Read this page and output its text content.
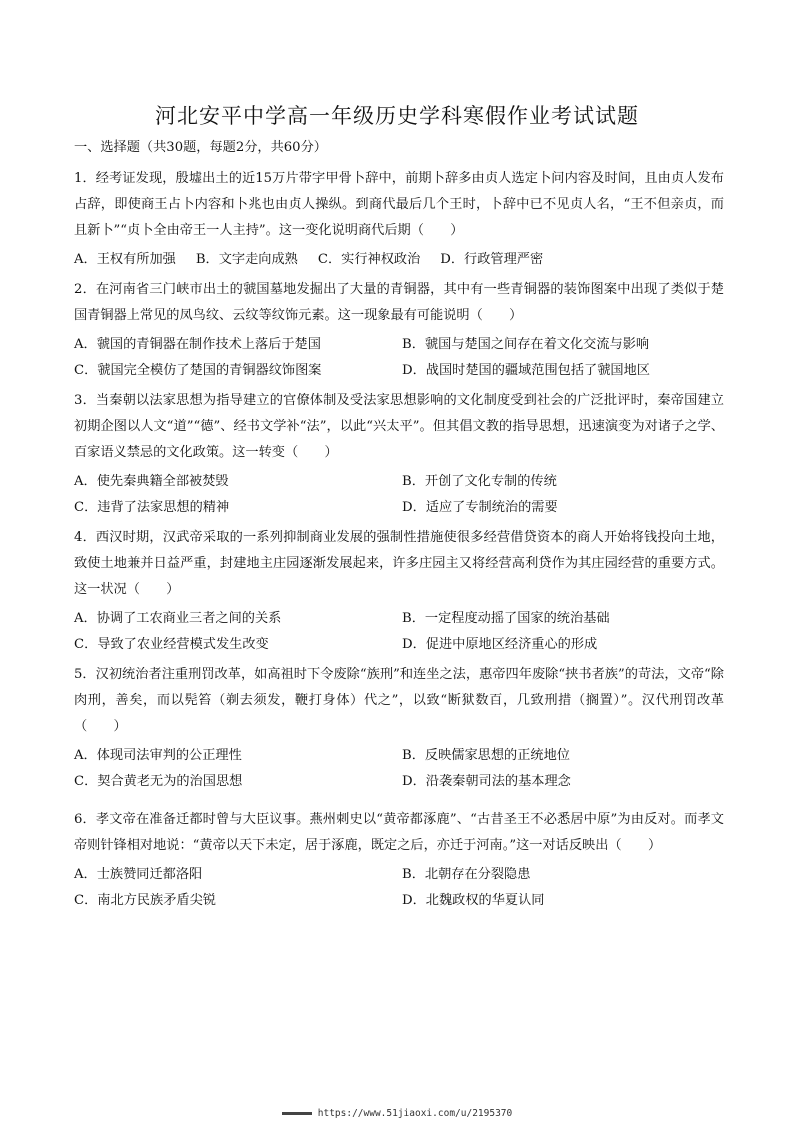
河北安平中学高一年级历史学科寒假作业考试试题
一、选择题（共30题，每题2分，共60分）

1．经考证发现，殷墟出土的近15万片带字甲骨卜辞中，前期卜辞多由贞人选定卜问内容及时间，且由贞人发布占辞，即使商王占卜内容和卜兆也由贞人操纵。到商代最后几个王时，卜辞中已不见贞人名，“王不但亲贞，而且新卜”“贞卜全由帝王一人主持”。这一变化说明商代后期（　　）

A．王权有所加强 B．文字走向成熟 C．实行神权政治 D．行政管理严密

2．在河南省三门峡市出土的虢国墓地发掘出了大量的青铜器，其中有一些青铜器的装饰图案中出现了类似于楚国青铜器上常见的凤鸟纹、云纹等纹饰元素。这一现象最有可能说明（　　）

A．虢国的青铜器在制作技术上落后于楚国	B．虢国与楚国之间存在着文化交流与影响
C．虢国完全模仿了楚国的青铜器纹饰图案	D．战国时楚国的疆域范围包括了虢国地区

3．当秦朝以法家思想为指导建立的官僚体制及受法家思想影响的文化制度受到社会的广泛批评时，秦帝国建立初期企图以人文“道”“德”、经书文学补“法”，以此“兴太平”。但其倡文教的指导思想，迅速演变为对诸子之学、百家语义禁忌的文化政策。这一转变（　　）

A．使先秦典籍全部被焚毁	B．开创了文化专制的传统
C．违背了法家思想的精神	D．适应了专制统治的需要

4．西汉时期，汉武帝采取的一系列抑制商业发展的强制性措施使很多经营借贷资本的商人开始将钱投向土地，致使土地兼并日益严重，封建地主庄园逐渐发展起来，许多庄园主又将经营高利贷作为其庄园经营的重要方式。这一状况（　　）

A．协调了工农商业三者之间的关系	B．一定程度动摇了国家的统治基础
C．导致了农业经营模式发生改变	D．促进中原地区经济重心的形成

5．汉初统治者注重刑罚改革，如高祖时下令废除“族刑”和连坐之法，惠帝四年废除“挟书者族”的苛法，文帝“除肉刑，善矣，而以髡笞（剃去须发，鞭打身体）代之”，以致“断狱数百，几致刑措（搁置）”。汉代刑罚改革（　　）

A．体现司法审判的公正理性	B．反映儒家思想的正统地位
C．契合黄老无为的治国思想	D．沿袭秦朝司法的基本理念

6．孝文帝在准备迁都时曾与大臣议事。燕州刺史以“黄帝都涿鹿”、“古昔圣王不必悉居中原”为由反对。而孝文帝则针锋相对地说：“黄帝以天下未定，居于涿鹿，既定之后，亦迁于河南。”这一对话反映出（　　）

A．士族赞同迁都洛阳	B．北朝存在分裂隐患
C．南北方民族矛盾尖锐	D．北魏政权的华夏认同
https://www.51jiaoxi.com/u/2195370
